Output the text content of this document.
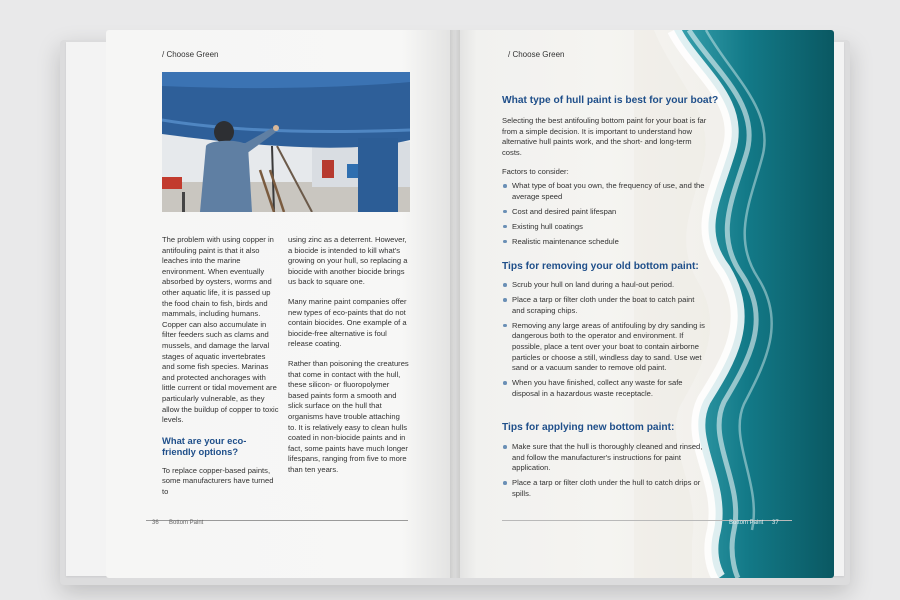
/ Choose Green

The problem with using copper in antifouling paint is that it also leaches into the marine environment. When eventually absorbed by oysters, worms and other aquatic life, it is passed up the food chain to fish, birds and mammals, including humans. Copper can also accumulate in filter feeders such as clams and mussels, and damage the larval stages of aquatic invertebrates and some fish species. Marinas and protected anchorages with little current or tidal movement are particularly vulnerable, as they allow the buildup of copper to toxic levels.

What are your eco-friendly options?

To replace copper-based paints, some manufacturers have turned to

using zinc as a deterrent. However, a biocide is intended to kill what's growing on your hull, so replacing a biocide with another biocide brings us back to square one.

Many marine paint companies offer new types of eco-paints that do not contain biocides. One example of a biocide-free alternative is foul release coating.

Rather than poisoning the creatures that come in contact with the hull, these silicon- or fluoropolymer based paints form a smooth and slick surface on the hull that organisms have trouble attaching to. It is relatively easy to clean hulls coated in non-biocide paints and in fact, some paints have much longer lifespans, ranging from five to more than ten years.

36 Bottom Paint
/ Choose Green
What type of hull paint is best for your boat?
Selecting the best antifouling bottom paint for your boat is far from a simple decision. It is important to understand how alternative hull paints work, and the short- and long-term costs.
Factors to consider:
What type of boat you own, the frequency of use, and the average speed
Cost and desired paint lifespan
Existing hull coatings
Realistic maintenance schedule
Tips for removing your old bottom paint:
Scrub your hull on land during a haul-out period.
Place a tarp or filter cloth under the boat to catch paint and scraping chips.
Removing any large areas of antifouling by dry sanding is dangerous both to the operator and environment. If possible, place a tent over your boat to contain airborne particles or choose a still, windless day to sand. Use wet sand or a vacuum sander to remove old paint.
When you have finished, collect any waste for safe disposal in a hazardous waste receptacle.
Tips for applying new bottom paint:
Make sure that the hull is thoroughly cleaned and rinsed, and follow the manufacturer's instructions for paint application.
Place a tarp or filter cloth under the hull to catch drips or spills.
Bottom Paint 37
